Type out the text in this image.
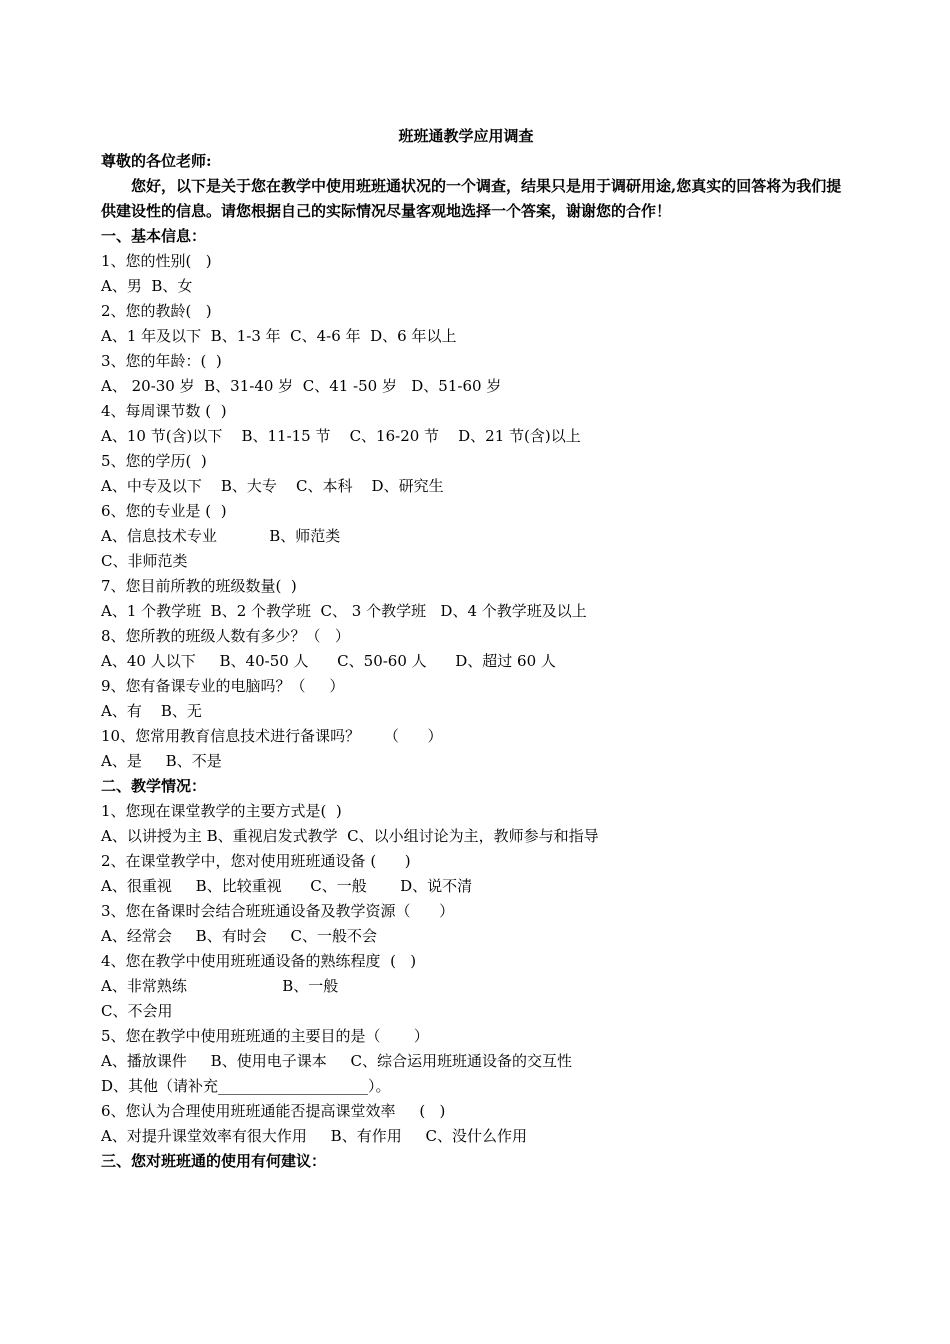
班班通教学应用调查
尊敬的各位老师:
您好，以下是关于您在教学中使用班班通状况的一个调查，结果只是用于调研用途,您真实的回答将为我们提供建设性的信息。请您根据自己的实际情况尽量客观地选择一个答案，谢谢您的合作！
一、基本信息：
1、您的性别(   )
A、男  B、女
2、您的教龄(   )
A、1 年及以下  B、1-3 年  C、4-6 年  D、6 年以上
3、您的年龄：(  )
A、 20-30 岁  B、31-40 岁  C、41 -50 岁   D、51-60 岁
4、每周课节数 (  )
A、10 节(含)以下    B、11-15 节    C、16-20 节    D、21 节(含)以上
5、您的学历(  )
A、中专及以下    B、大专    C、本科    D、研究生
6、您的专业是 (  )
A、信息技术专业           B、师范类
C、非师范类
7、您目前所教的班级数量(  )
A、1 个教学班  B、2 个教学班  C、 3 个教学班   D、4 个教学班及以上
8、您所教的班级人数有多少？（   ）
A、40 人以下     B、40-50 人      C、50-60 人      D、超过 60 人
9、您有备课专业的电脑吗？（     ）
A、有    B、无
10、您常用教育信息技术进行备课吗？     （      ）
A、是     B、不是
二、教学情况：
1、您现在课堂教学的主要方式是(  )
A、以讲授为主 B、重视启发式教学  C、以小组讨论为主，教师参与和指导
2、在课堂教学中，您对使用班班通设备 (      )
A、很重视     B、比较重视      C、一般       D、说不清
3、您在备课时会结合班班通设备及教学资源（      ）
A、经常会     B、有时会     C、一般不会
4、您在教学中使用班班通设备的熟练程度  (   )
A、非常熟练                    B、一般
C、不会用
5、您在教学中使用班班通的主要目的是（       ）
A、播放课件     B、使用电子课本     C、综合运用班班通设备的交互性
D、其他（请补充____________________）。
6、您认为合理使用班班通能否提高课堂效率     (   )
A、对提升课堂效率有很大作用     B、有作用     C、没什么作用
三、您对班班通的使用有何建议：
